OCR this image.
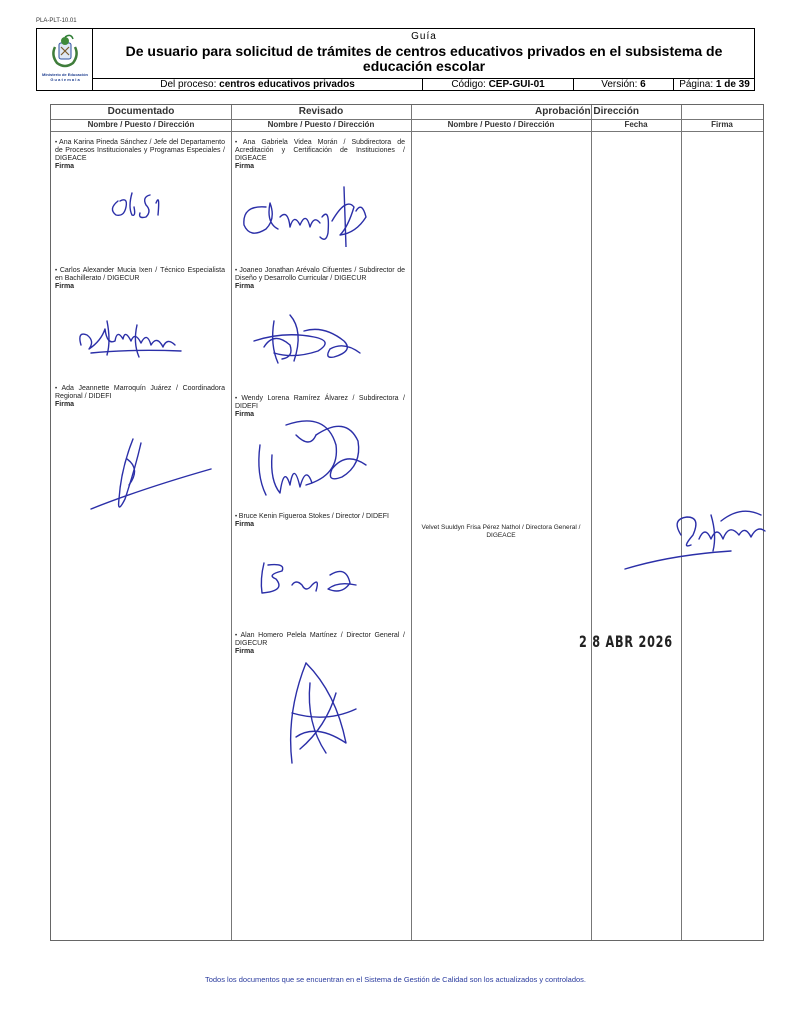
PLA-PLT-10.01
Ministerio de Educación
G u a t e m a l a
Guía
De usuario para solicitud de trámites de centros educativos privados en el subsistema de educación escolar
Del proceso: centros educativos privados	Código: CEP-GUI-01	Versión: 6	Página: 1 de 39
Documentado
Nombre / Puesto / Dirección
Revisado
Nombre / Puesto / Dirección
Aprobación Dirección
Nombre / Puesto / Dirección	Fecha	Firma
• Ana Karina Pineda Sánchez / Jefe del Departamento de Procesos Institucionales y Programas Especiales / DIGEACE
Firma
• Carlos Alexander Mucia Ixen / Técnico Especialista en Bachillerato / DIGECUR
Firma
• Ada Jeannette Marroquín Juárez / Coordinadora Regional / DIDEFI
Firma
• Ana Gabriela Videa Morán / Subdirectora de Acreditación y Certificación de Instituciones / DIGEACE
Firma
• Joaneo Jonathan Arévalo Cifuentes / Subdirector de Diseño y Desarrollo Curricular / DIGECUR
Firma
• Wendy Lorena Ramírez Álvarez / Subdirectora / DIDEFI
Firma
• Bruce Kenin Figueroa Stokes / Director / DIDEFI
Firma
• Alan Homero Pelela Martínez / Director General / DIGECUR
Firma
Velvet Suuldyn Frisa Pérez Nathol / Directora General / DIGEACE
2 8 ABR 2026
Todos los documentos que se encuentran en el Sistema de Gestión de Calidad son los actualizados y controlados.
